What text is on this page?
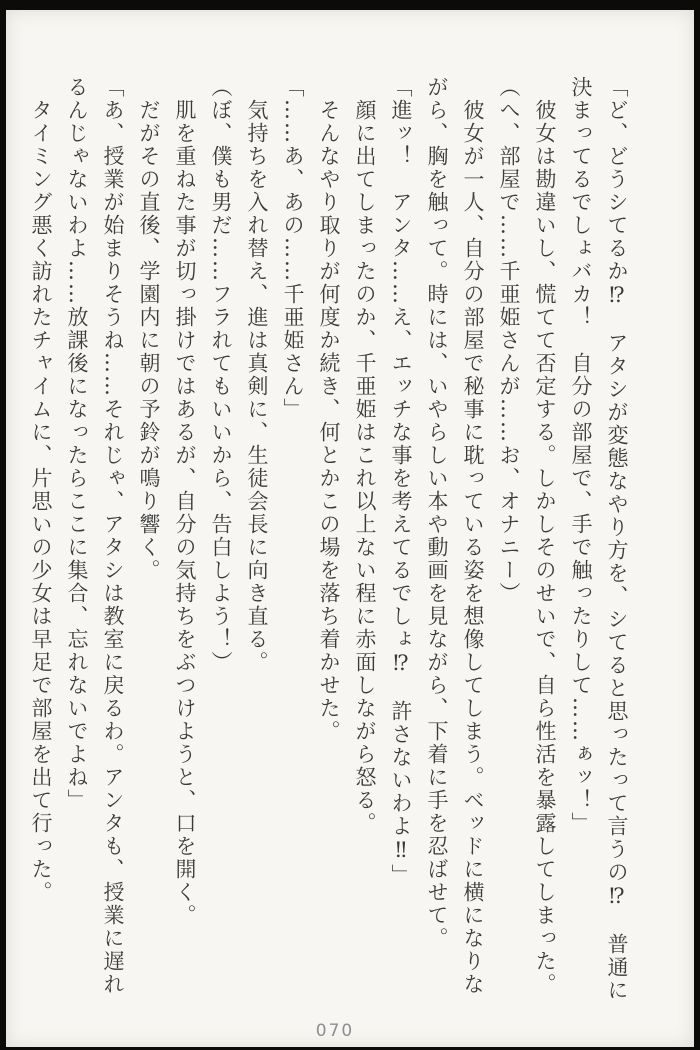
「ど、どうシてるか⁉　アタシが変態なやり方を、シてると思ったって言うの⁉　普通に
決まってるでしょバカ！　自分の部屋で、手で触ったりして……ぁッ！」
彼女は勘違いし、慌てて否定する。しかしそのせいで、自ら性活を暴露してしまった。
（へ、部屋で……千亜姫さんが……お、オナニー）
彼女が一人、自分の部屋で秘事に耽っている姿を想像してしまう。ベッドに横になりな
がら、胸を触って。時には、いやらしい本や動画を見ながら、下着に手を忍ばせて。
「進ッ！　アンタ……え、エッチな事を考えてるでしょ⁉　許さないわよ‼」
顔に出てしまったのか、千亜姫はこれ以上ない程に赤面しながら怒る。
そんなやり取りが何度か続き、何とかこの場を落ち着かせた。
「……あ、あの……千亜姫さん」
気持ちを入れ替え、進は真剣に、生徒会長に向き直る。
（ぼ、僕も男だ……フラれてもいいから、告白しよう！）
肌を重ねた事が切っ掛けではあるが、自分の気持ちをぶつけようと、口を開く。
だがその直後、学園内に朝の予鈴が鳴り響く。
「あ、授業が始まりそうね……それじゃ、アタシは教室に戻るわ。アンタも、授業に遅れ
るんじゃないわよ……放課後になったらここに集合、忘れないでよね」
タイミング悪く訪れたチャイムに、片思いの少女は早足で部屋を出て行った。
070
